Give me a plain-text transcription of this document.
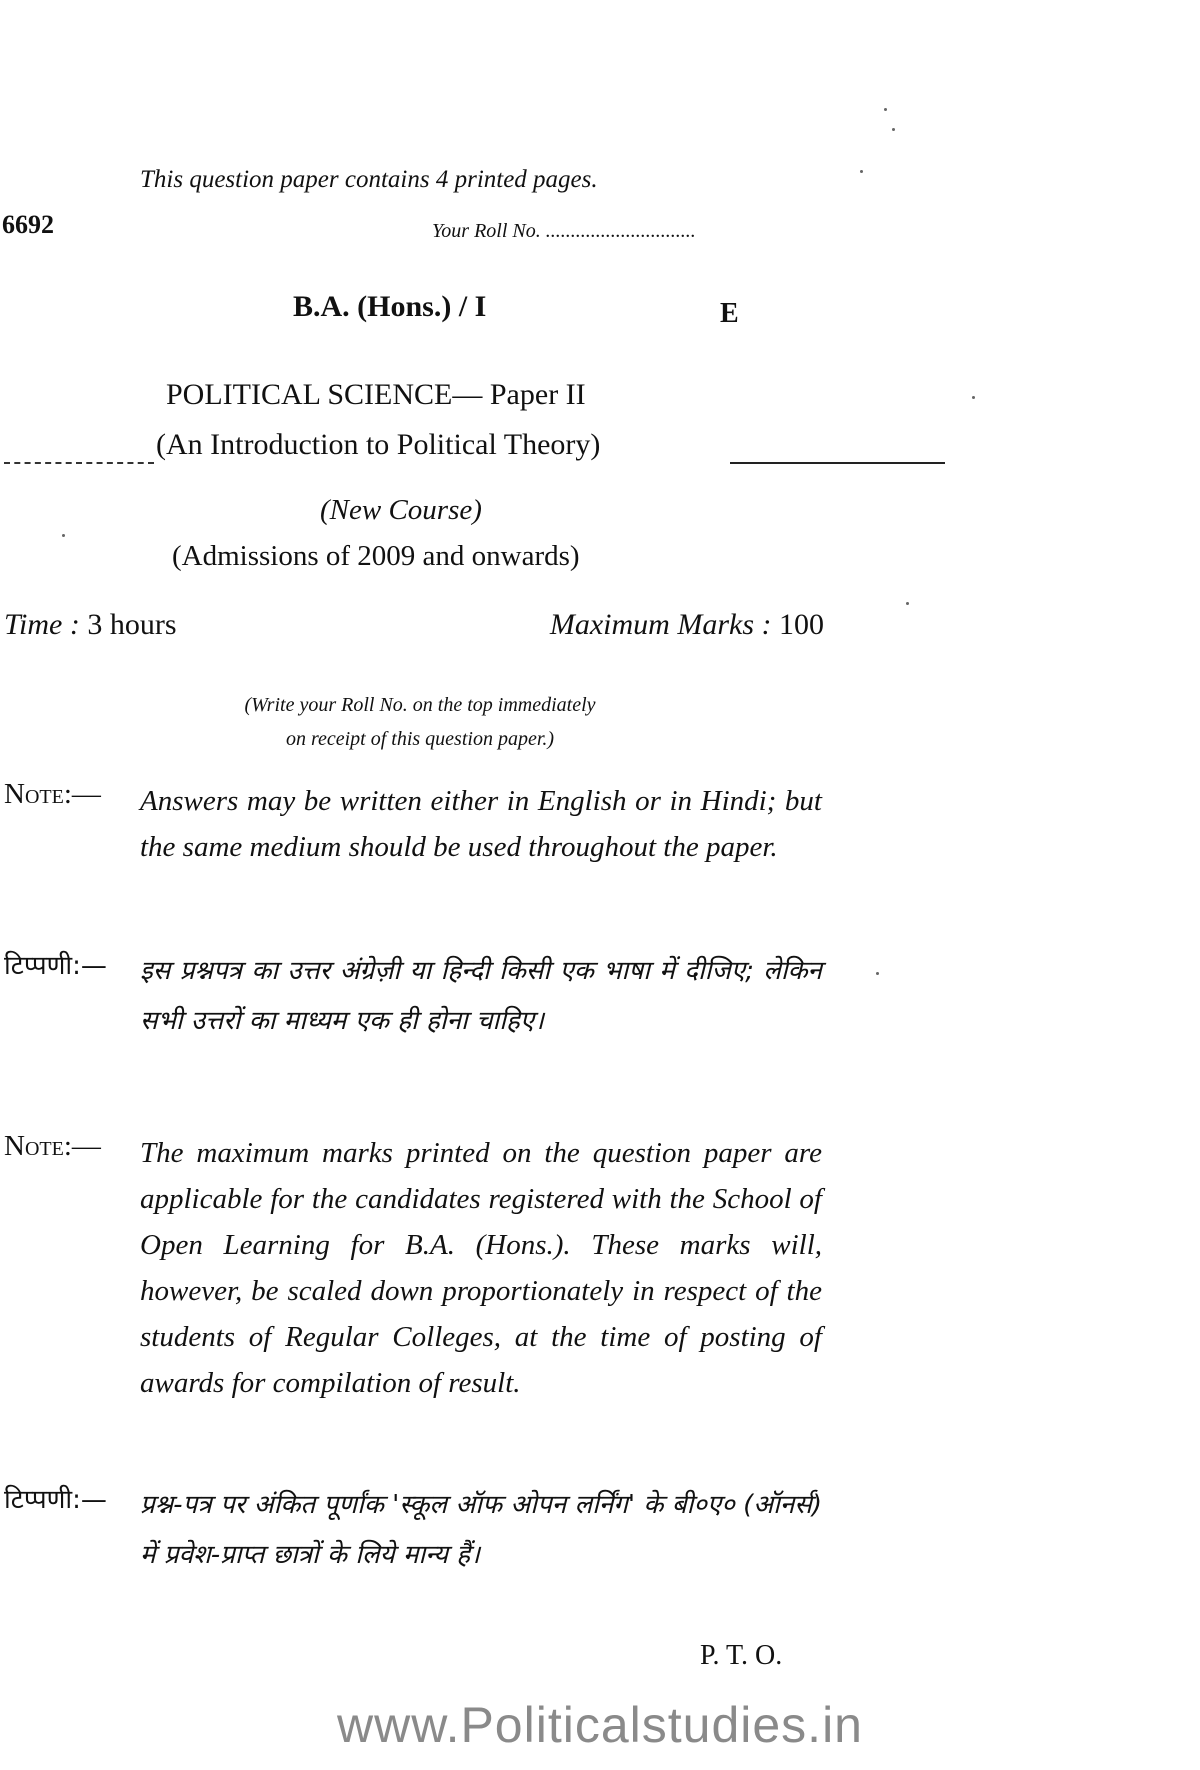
This question paper contains 4 printed pages.
6692	Your Roll No. ..............................
B.A. (Hons.) / I	E
POLITICAL SCIENCE— Paper II
(An Introduction to Political Theory)
(New Course)
(Admissions of 2009 and onwards)
Time : 3 hours	Maximum Marks : 100
(Write your Roll No. on the top immediately
on receipt of this question paper.)
Note:— Answers may be written either in English or in Hindi; but the same medium should be used throughout the paper.
टिप्पणी:— इस प्रश्नपत्र का उत्तर अंग्रेज़ी या हिन्दी किसी एक भाषा में दीजिए; लेकिन सभी उत्तरों का माध्यम एक ही होना चाहिए।
Note:— The maximum marks printed on the question paper are applicable for the candidates registered with the School of Open Learning for B.A. (Hons.). These marks will, however, be scaled down proportionately in respect of the students of Regular Colleges, at the time of posting of awards for compilation of result.
टिप्पणी:— प्रश्न-पत्र पर अंकित पूर्णांक 'स्कूल ऑफ ओपन लर्निंग' के बी०ए० (ऑनर्स) में प्रवेश-प्राप्त छात्रों के लिये मान्य हैं।
P. T. O.
www.Politicalstudies.in
